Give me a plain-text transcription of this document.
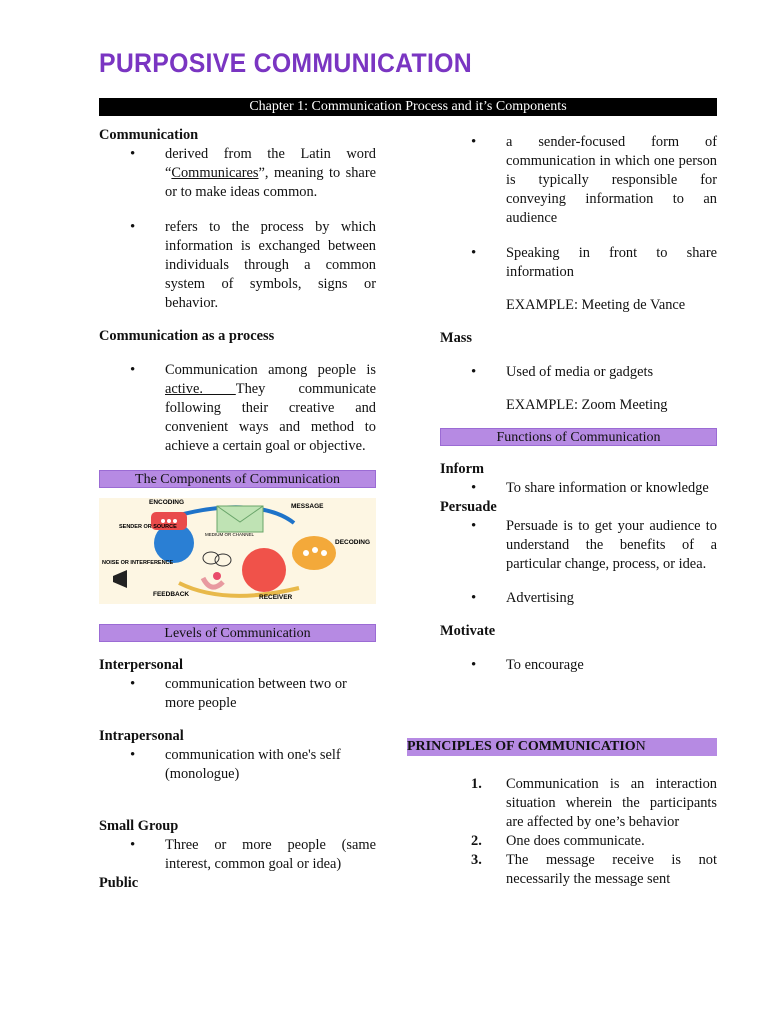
PURPOSIVE COMMUNICATION
Chapter 1: Communication Process and it’s Components

Communication

• derived from the Latin word “Communicares”, meaning to share or to make ideas common.
• refers to the process by which information is exchanged between individuals through a common system of symbols, signs or behavior.

Communication as a process

• Communication among people is active. They communicate following their creative and convenient ways and method to achieve a certain goal or objective.
The Components of Communication
ENCODING
MESSAGE
SENDER OR SOURCE
MEDIUM OR CHANNEL
DECODING
NOISE OR INTERFERENCE
FEEDBACK	RECEIVER
Levels of Communication

Interpersonal

• communication between two or more people

Intrapersonal

• communication with one's self (monologue)

Small Group

• Three or more people (same interest, common goal or idea)

Public

• a sender-focused form of communication in which one person is typically responsible for conveying information to an audience
• Speaking in front to share information
EXAMPLE: Meeting de Vance

Mass

• Used of media or gadgets
EXAMPLE: Zoom Meeting
Functions of Communication

Inform

• To share information or knowledge

Persuade

• Persuade is to get your audience to understand the benefits of a particular change, process, or idea.
• Advertising

Motivate

• To encourage
PRINCIPLES OF COMMUNICATION
1. Communication is an interaction situation wherein the participants are affected by one’s behavior
2. One does communicate.
3. The message receive is not necessarily the message sent
